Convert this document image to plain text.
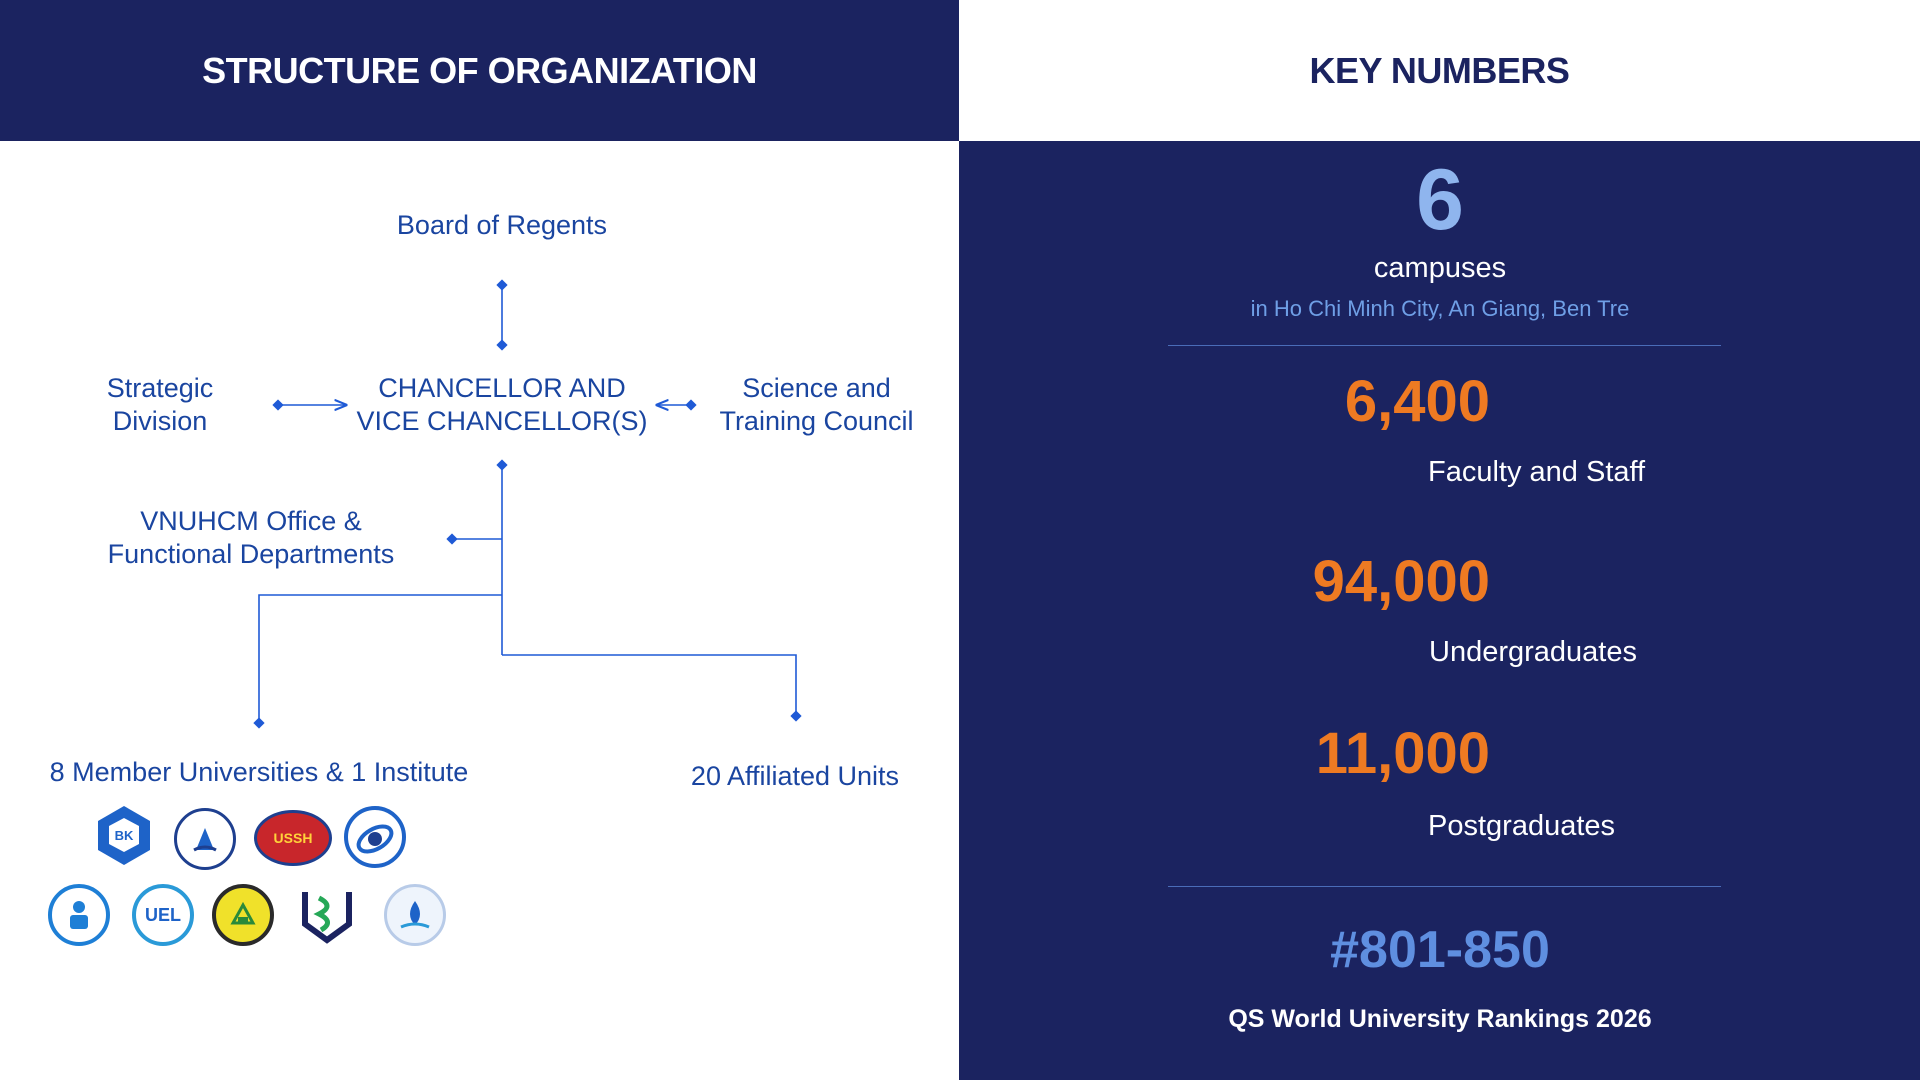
STRUCTURE OF ORGANIZATION	KEY NUMBERS
Board of Regents
Strategic
Division
CHANCELLOR AND
VICE CHANCELLOR(S)
Science and
Training Council
VNUHCM Office &
Functional Departments
8 Member Universities & 1 Institute	20 Affiliated Units
BK	USSH
UEL
6
campuses
in Ho Chi Minh City, An Giang, Ben Tre
6,400
Faculty and Staff
94,000
Undergraduates
11,000
Postgraduates
#801-850
QS World University Rankings 2026
